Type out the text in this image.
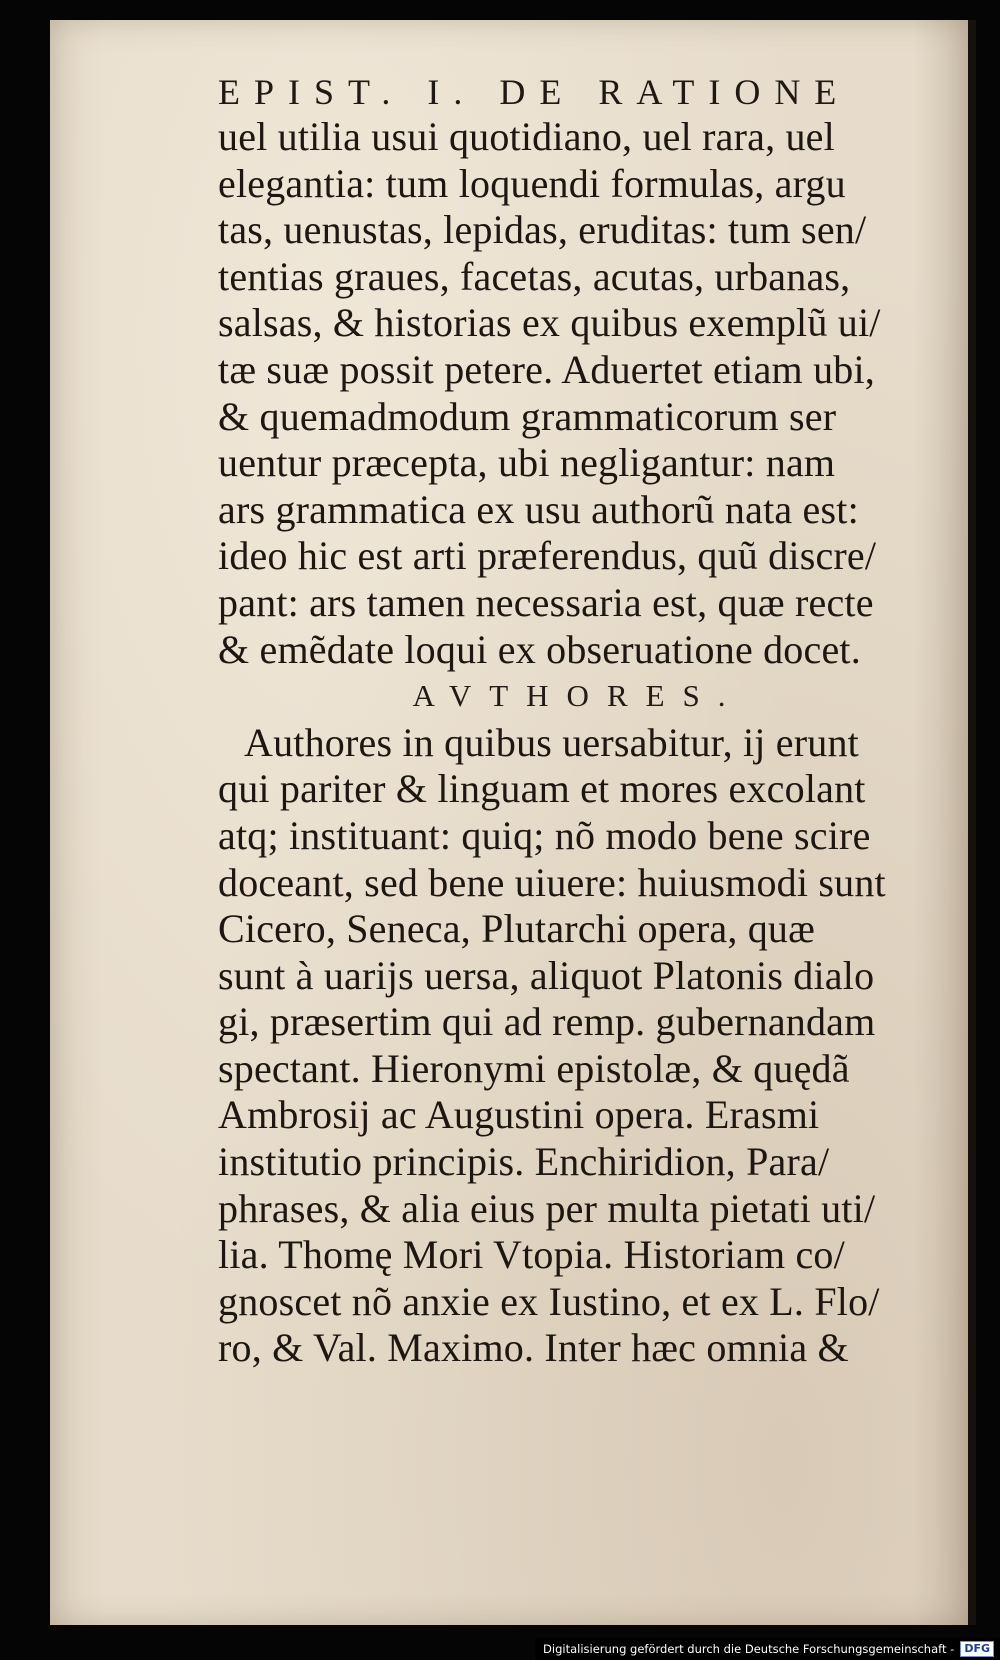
EPIST. I. DE RATIONE
uel utilia usui quotidiano, uel rara, uel
elegantia: tum loquendi formulas, argu
tas, uenustas, lepidas, eruditas: tum sen/
tentias graues, facetas, acutas, urbanas,
salsas, & historias ex quibus exemplũ ui/
tæ suæ possit petere. Aduertet etiam ubi,
& quemadmodum grammaticorum ser
uentur præcepta, ubi negligantur: nam
ars grammatica ex usu authorũ nata est:
ideo hic est arti præferendus, quũ discre/
pant: ars tamen necessaria est, quæ recte
& emẽdate loqui ex obseruatione docet.
AVTHORES.
Authores in quibus uersabitur, ij erunt
qui pariter & linguam et mores excolant
atq; instituant: quiq; nõ modo bene scire
doceant, sed bene uiuere: huiusmodi sunt
Cicero, Seneca, Plutarchi opera, quæ
sunt à uarijs uersa, aliquot Platonis dialo
gi, præsertim qui ad remp. gubernandam
spectant. Hieronymi epistolæ, & quędã
Ambrosij ac Augustini opera. Erasmi
institutio principis. Enchiridion, Para/
phrases, & alia eius per multa pietati uti/
lia. Thomę Mori Vtopia. Historiam co/
gnoscet nõ anxie ex Iustino, et ex L. Flo/
ro, & Val. Maximo. Inter hæc omnia &
Digitalisierung gefördert durch die Deutsche Forschungsgemeinschaft - DFG
